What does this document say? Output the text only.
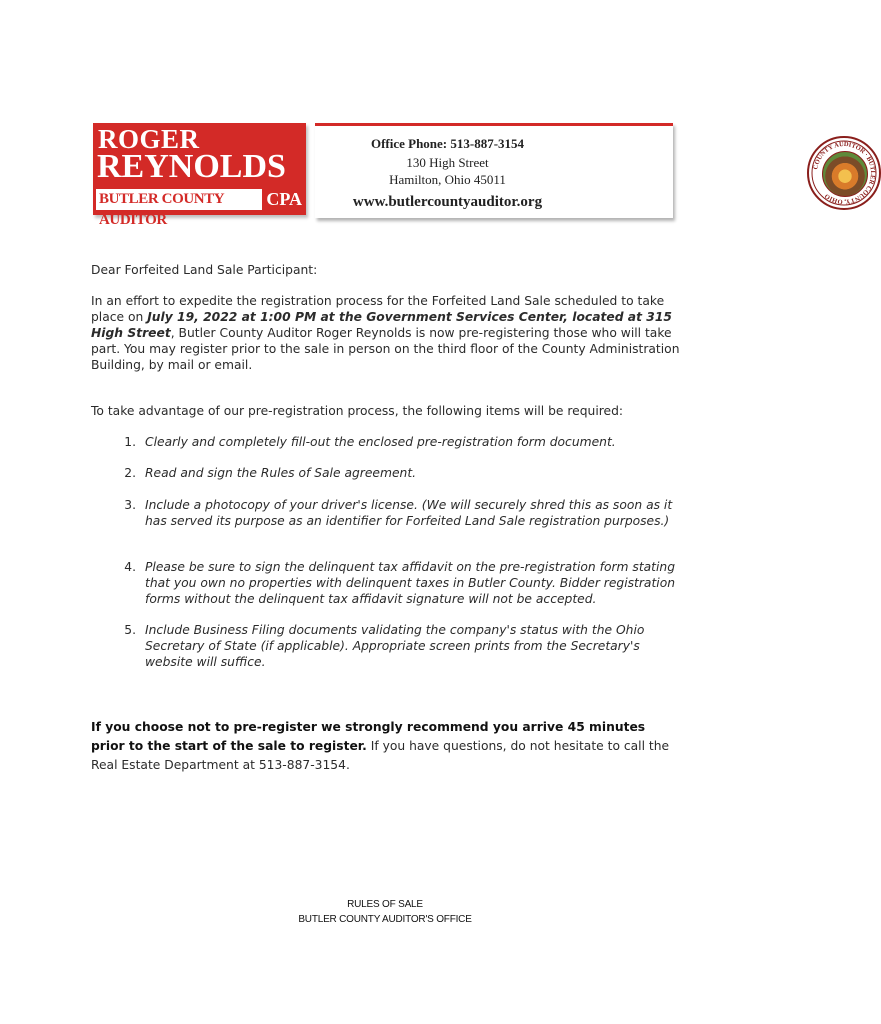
ROGER
REYNOLDS
BUTLER COUNTY AUDITOR
CPA
Office Phone: 513-887-3154
130 High Street
Hamilton, Ohio 45011
www.butlercountyauditor.org
COUNTY AUDITOR · BUTLER COUNTY, OHIO
Dear Forfeited Land Sale Participant:
In an effort to expedite the registration process for the Forfeited Land Sale scheduled to take place on July 19, 2022 at 1:00 PM at the Government Services Center, located at 315 High Street, Butler County Auditor Roger Reynolds is now pre-registering those who will take part. You may register prior to the sale in person on the third floor of the County Administration Building, by mail or email.
To take advantage of our pre-registration process, the following items will be required:
1. Clearly and completely fill-out the enclosed pre-registration form document.
2. Read and sign the Rules of Sale agreement.
3. Include a photocopy of your driver's license. (We will securely shred this as soon as it has served its purpose as an identifier for Forfeited Land Sale registration purposes.)
4. Please be sure to sign the delinquent tax affidavit on the pre-registration form stating that you own no properties with delinquent taxes in Butler County. Bidder registration forms without the delinquent tax affidavit signature will not be accepted.
5. Include Business Filing documents validating the company's status with the Ohio Secretary of State (if applicable). Appropriate screen prints from the Secretary's website will suffice.
If you choose not to pre-register we strongly recommend you arrive 45 minutes prior to the start of the sale to register. If you have questions, do not hesitate to call the Real Estate Department at 513-887-3154.
RULES OF SALE
BUTLER COUNTY AUDITOR'S OFFICE
